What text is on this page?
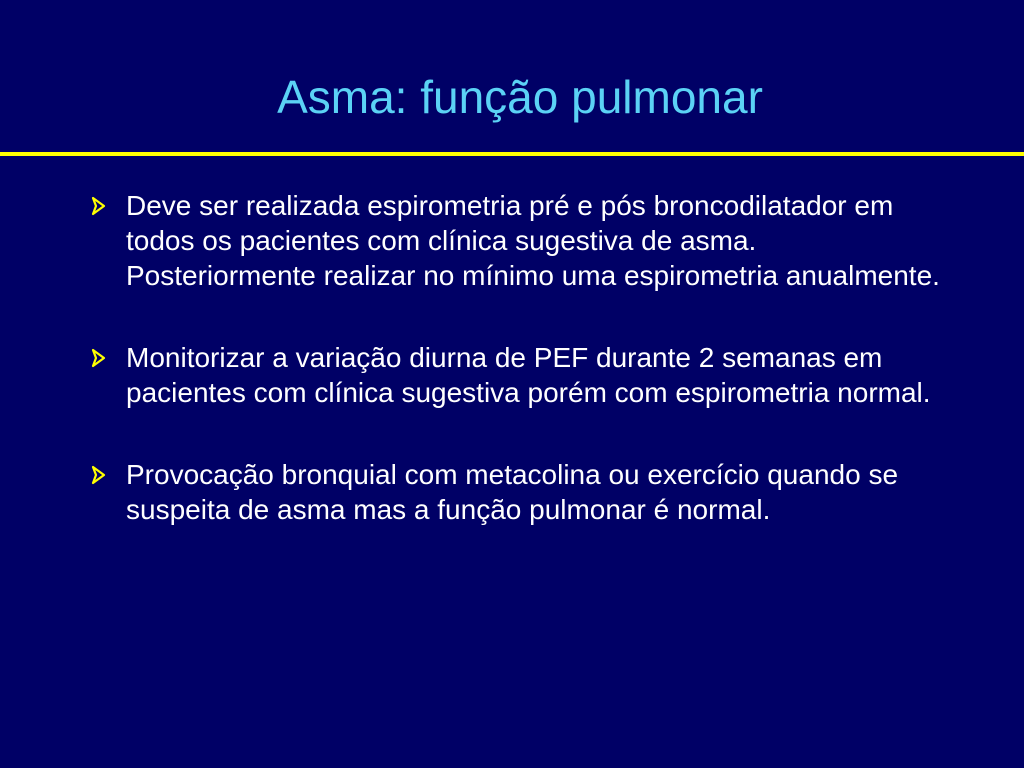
Asma: função pulmonar
Deve ser realizada espirometria pré e pós broncodilatador em todos os pacientes com clínica sugestiva de asma. Posteriormente realizar no mínimo uma espirometria anualmente.
Monitorizar a variação diurna de PEF durante 2 semanas em pacientes com clínica sugestiva porém com espirometria normal.
Provocação bronquial com metacolina ou exercício quando se suspeita de asma mas a função pulmonar é normal.
